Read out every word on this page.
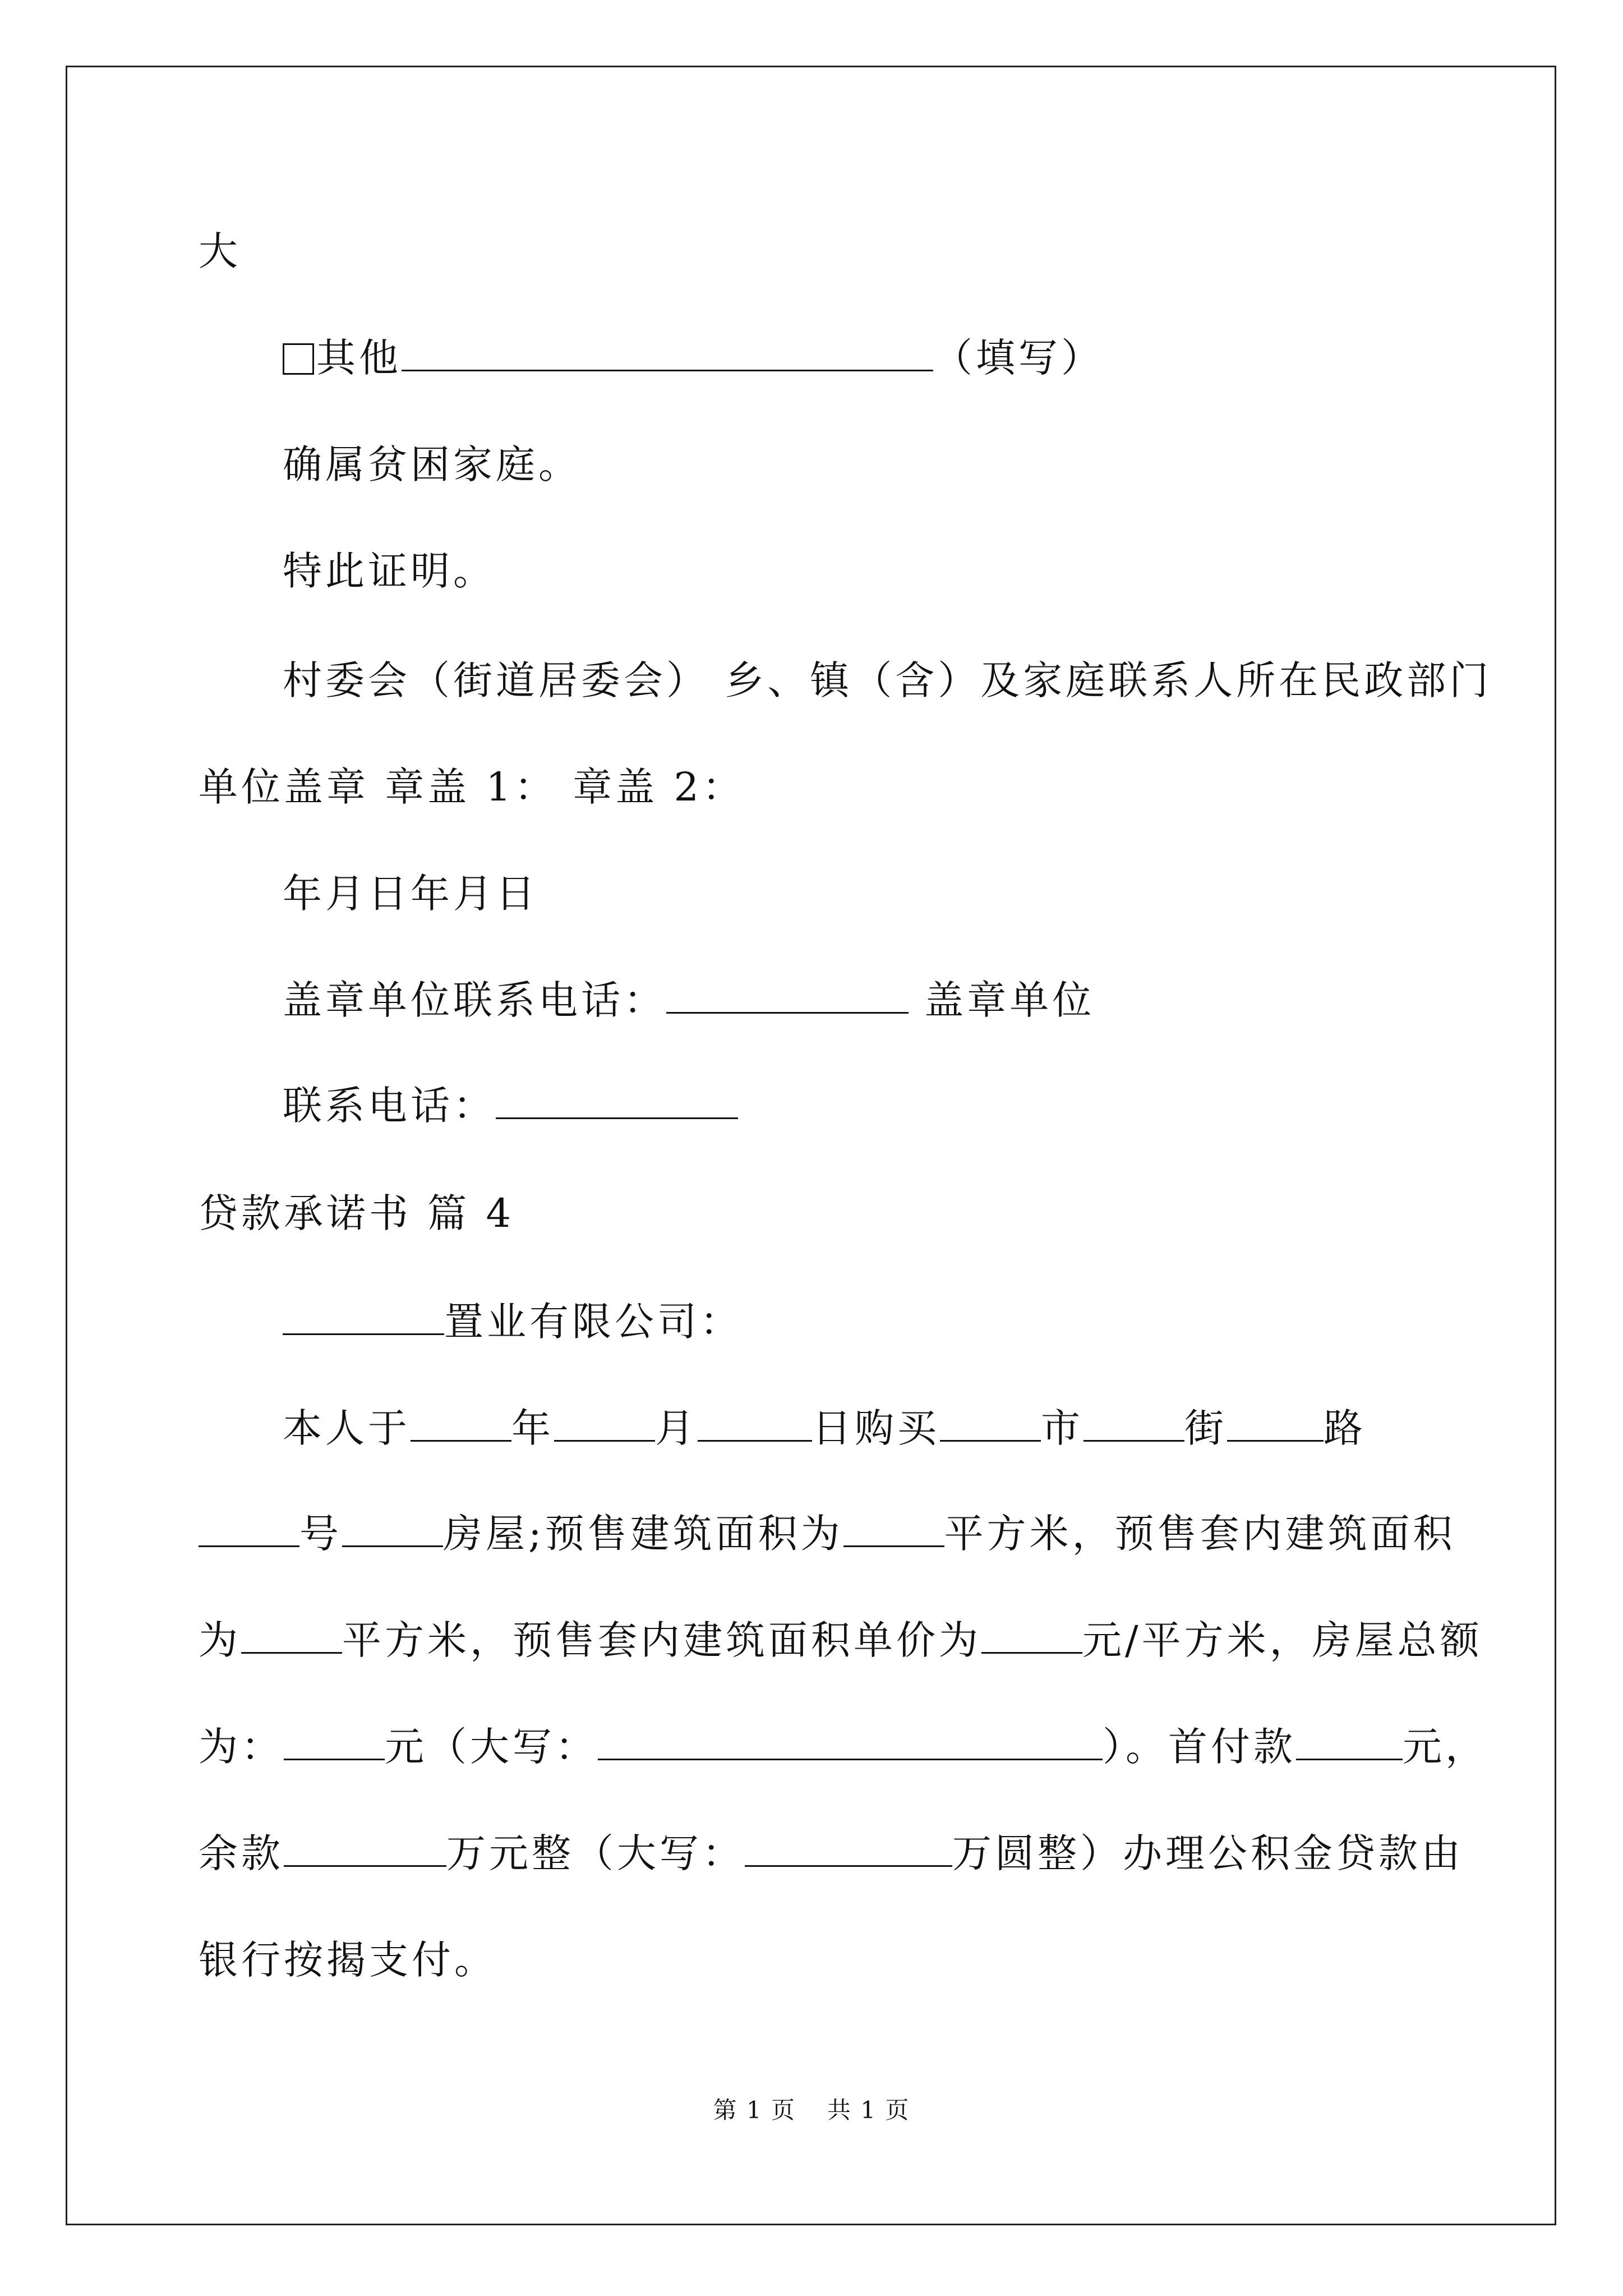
大
其他	（填写）
确属贫困家庭。
特此证明。
村委会（街道居委会） 乡、镇（含）及家庭联系人所在民政部门
单位盖章 章盖 1： 章盖 2：
年月日年月日
盖章单位联系电话：	盖章单位
联系电话：
贷款承诺书 篇 4
置业有限公司：
本人于	年	月	日购买	市	街 路
号	房屋;预售建筑面积为	平方米，预售套内建筑面积
为	平方米，预售套内建筑面积单价为	元/平方米，房屋总额
为：	元（大写：	）。首付款	元，
余款	万元整（大写：	万圆整）办理公积金贷款由
银行按揭支付。
第 1 页 共 1 页
